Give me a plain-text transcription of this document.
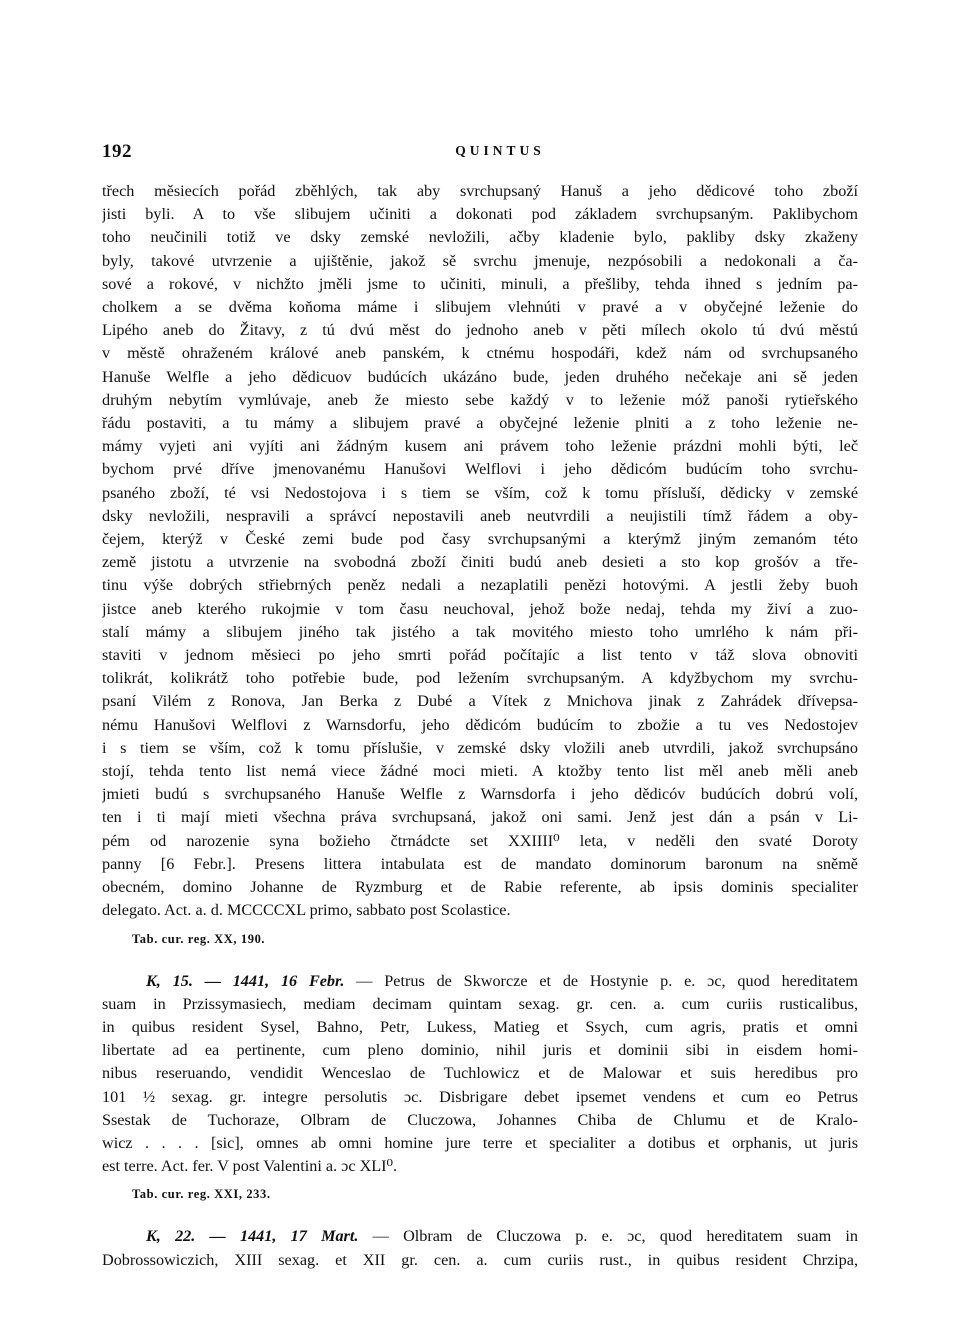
192	QUINTUS
třech měsiecích pořád zběhlých, tak aby svrchupsaný Hanuš a jeho dědicové toho zboží
jisti byli. A to vše slibujem učiniti a dokonati pod základem svrchupsaným. Paklibychom
toho neučinili totiž ve dsky zemské nevložili, ačby kladenie bylo, pakliby dsky zkaženy
byly, takové utvrzenie a ujištěnie, jakož sě svrchu jmenuje, nezpósobili a nedokonali a ča-
sové a rokové, v nichžto jměli jsme to učiniti, minuli, a přešliby, tehda ihned s jedním pa-
cholkem a se dvěma koňoma máme i slibujem vlehnúti v pravé a v obyčejné leženie do
Lipého aneb do Žitavy, z tú dvú měst do jednoho aneb v pěti mílech okolo tú dvú městú
v městě ohraženém králové aneb panském, k ctnému hospodáři, kdež nám od svrchupsaného
Hanuše Welfle a jeho dědicuov budúcích ukázáno bude, jeden druhého nečekaje ani sě jeden
druhým nebytím vymlúvaje, aneb že miesto sebe každý v to leženie móž panoši rytieřského
řádu postaviti, a tu mámy a slibujem pravé a obyčejné leženie plniti a z toho leženie ne-
mámy vyjeti ani vyjíti ani žádným kusem ani právem toho leženie prázdni mohli býti, leč
bychom prvé dříve jmenovanému Hanušovi Welflovi i jeho dědicóm budúcím toho svrchu-
psaného zboží, té vsi Nedostojova i s tiem se vším, což k tomu přísluší, dědicky v zemské
dsky nevložili, nespravili a správcí nepostavili aneb neutvrdili a neujistili tímž řádem a oby-
čejem, kterýž v České zemi bude pod časy svrchupsanými a kterýmž jiným zemanóm této
země jistotu a utvrzenie na svobodná zboží činiti budú aneb desieti a sto kop grošóv a tře-
tinu výše dobrých střiebrných peněz nedali a nezaplatili penězi hotovými. A jestli žeby buoh
jistce aneb kterého rukojmie v tom času neuchoval, jehož bože nedaj, tehda my živí a zuo-
stalí mámy a slibujem jiného tak jistého a tak movitého miesto toho umrlého k nám při-
staviti v jednom měsieci po jeho smrti pořád počítajíc a list tento v táž slova obnoviti
tolikrát, kolikrátž toho potřebie bude, pod ležením svrchupsaným. A kdyžbychom my svrchu-
psaní Vilém z Ronova, Jan Berka z Dubé a Vítek z Mnichova jinak z Zahrádek dřívepsa-
nému Hanušovi Welflovi z Warnsdorfu, jeho dědicóm budúcím to zbožie a tu ves Nedostojev
i s tiem se vším, což k tomu příslušie, v zemské dsky vložili aneb utvrdili, jakož svrchupsáno
stojí, tehda tento list nemá viece žádné moci mieti. A ktožby tento list měl aneb měli aneb
jmieti budú s svrchupsaného Hanuše Welfle z Warnsdorfa i jeho dědicóv budúcích dobrú volí,
ten i ti mají mieti všechna práva svrchupsaná, jakož oni sami. Jenž jest dán a psán v Li-
pém od narozenie syna božieho čtrnádcte set XXIIII⁰ leta, v neděli den svaté Doroty
panny [6 Febr.]. Presens littera intabulata est de mandato dominorum baronum na sněmě
obecném, domino Johanne de Ryzmburg et de Rabie referente, ab ipsis dominis specialiter
delegato. Act. a. d. MCCCCXL primo, sabbato post Scolastice.
Tab. cur. reg. XX, 190.
K, 15. — 1441, 16 Febr. — Petrus de Skworcze et de Hostynie p. e. ɔc, quod hereditatem
suam in Przissymasiech, mediam decimam quintam sexag. gr. cen. a. cum curiis rusticalibus,
in quibus resident Sysel, Bahno, Petr, Lukess, Matieg et Ssych, cum agris, pratis et omni
libertate ad ea pertinente, cum pleno dominio, nihil juris et dominii sibi in eisdem homi-
nibus reseruando, vendidit Wenceslao de Tuchlowicz et de Malowar et suis heredibus pro
101 ½ sexag. gr. integre persolutis ɔc. Disbrigare debet ipsemet vendens et cum eo Petrus
Ssestak de Tuchoraze, Olbram de Cluczowa, Johannes Chiba de Chlumu et de Kralo-
wicz . . . . [sic], omnes ab omni homine jure terre et specialiter a dotibus et orphanis, ut juris
est terre. Act. fer. V post Valentini a. ɔc XLI⁰.
Tab. cur. reg. XXI, 233.
K, 22. — 1441, 17 Mart. — Olbram de Cluczowa p. e. ɔc, quod hereditatem suam in
Dobrossowiczich, XIII sexag. et XII gr. cen. a. cum curiis rust., in quibus resident Chrzipa,
